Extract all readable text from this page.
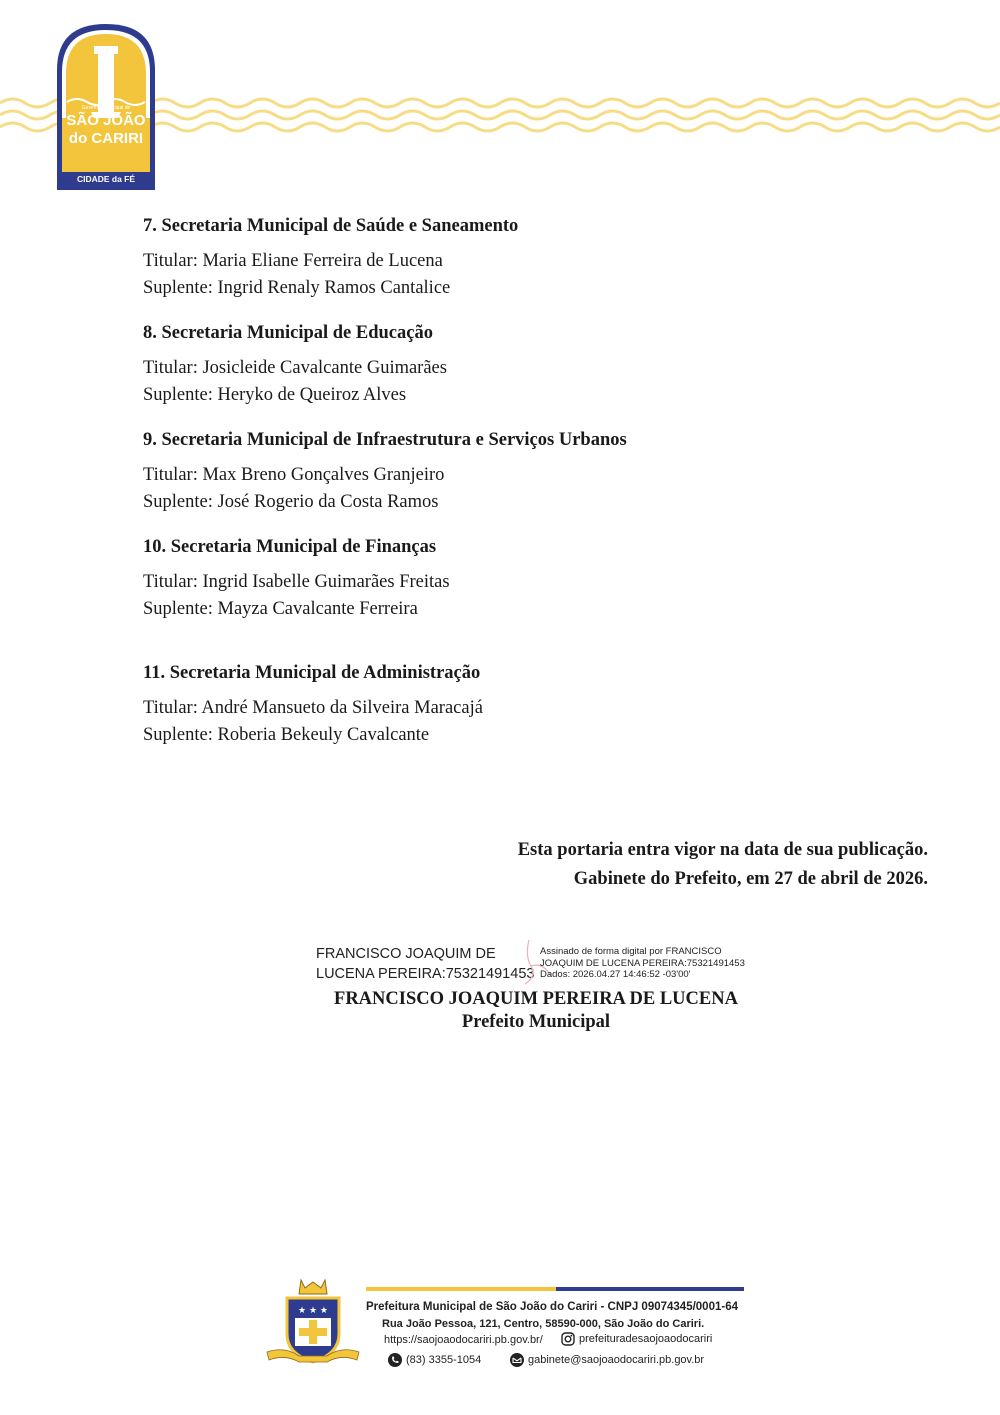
Governo Municipal de
SÃO JOÃO
do CARIRI
CIDADE da FÉ
7. Secretaria Municipal de Saúde e Saneamento
Titular: Maria Eliane Ferreira de Lucena
Suplente: Ingrid Renaly Ramos Cantalice
8. Secretaria Municipal de Educação
Titular: Josicleide Cavalcante Guimarães
Suplente: Heryko de Queiroz Alves
9. Secretaria Municipal de Infraestrutura e Serviços Urbanos
Titular: Max Breno Gonçalves Granjeiro
Suplente: José Rogerio da Costa Ramos
10. Secretaria Municipal de Finanças
Titular: Ingrid Isabelle Guimarães Freitas
Suplente: Mayza Cavalcante Ferreira
11. Secretaria Municipal de Administração
Titular: André Mansueto da Silveira Maracajá
Suplente: Roberia Bekeuly Cavalcante
Esta portaria entra vigor na data de sua publicação.
Gabinete do Prefeito, em 27 de abril de 2026.
FRANCISCO JOAQUIM DE
LUCENA PEREIRA:75321491453
Assinado de forma digital por FRANCISCO
JOAQUIM DE LUCENA PEREIRA:75321491453
Dados: 2026.04.27 14:46:52 -03'00'
FRANCISCO JOAQUIM PEREIRA DE LUCENA
Prefeito Municipal
★ ★ ★	Prefeitura Municipal de São João do Cariri - CNPJ 09074345/0001-64
Rua João Pessoa, 121, Centro, 58590-000, São João do Cariri.
https://saojoaodocariri.pb.gov.br/	prefeituradesaojoaodocariri
(83) 3355-1054	gabinete@saojoaodocariri.pb.gov.br
